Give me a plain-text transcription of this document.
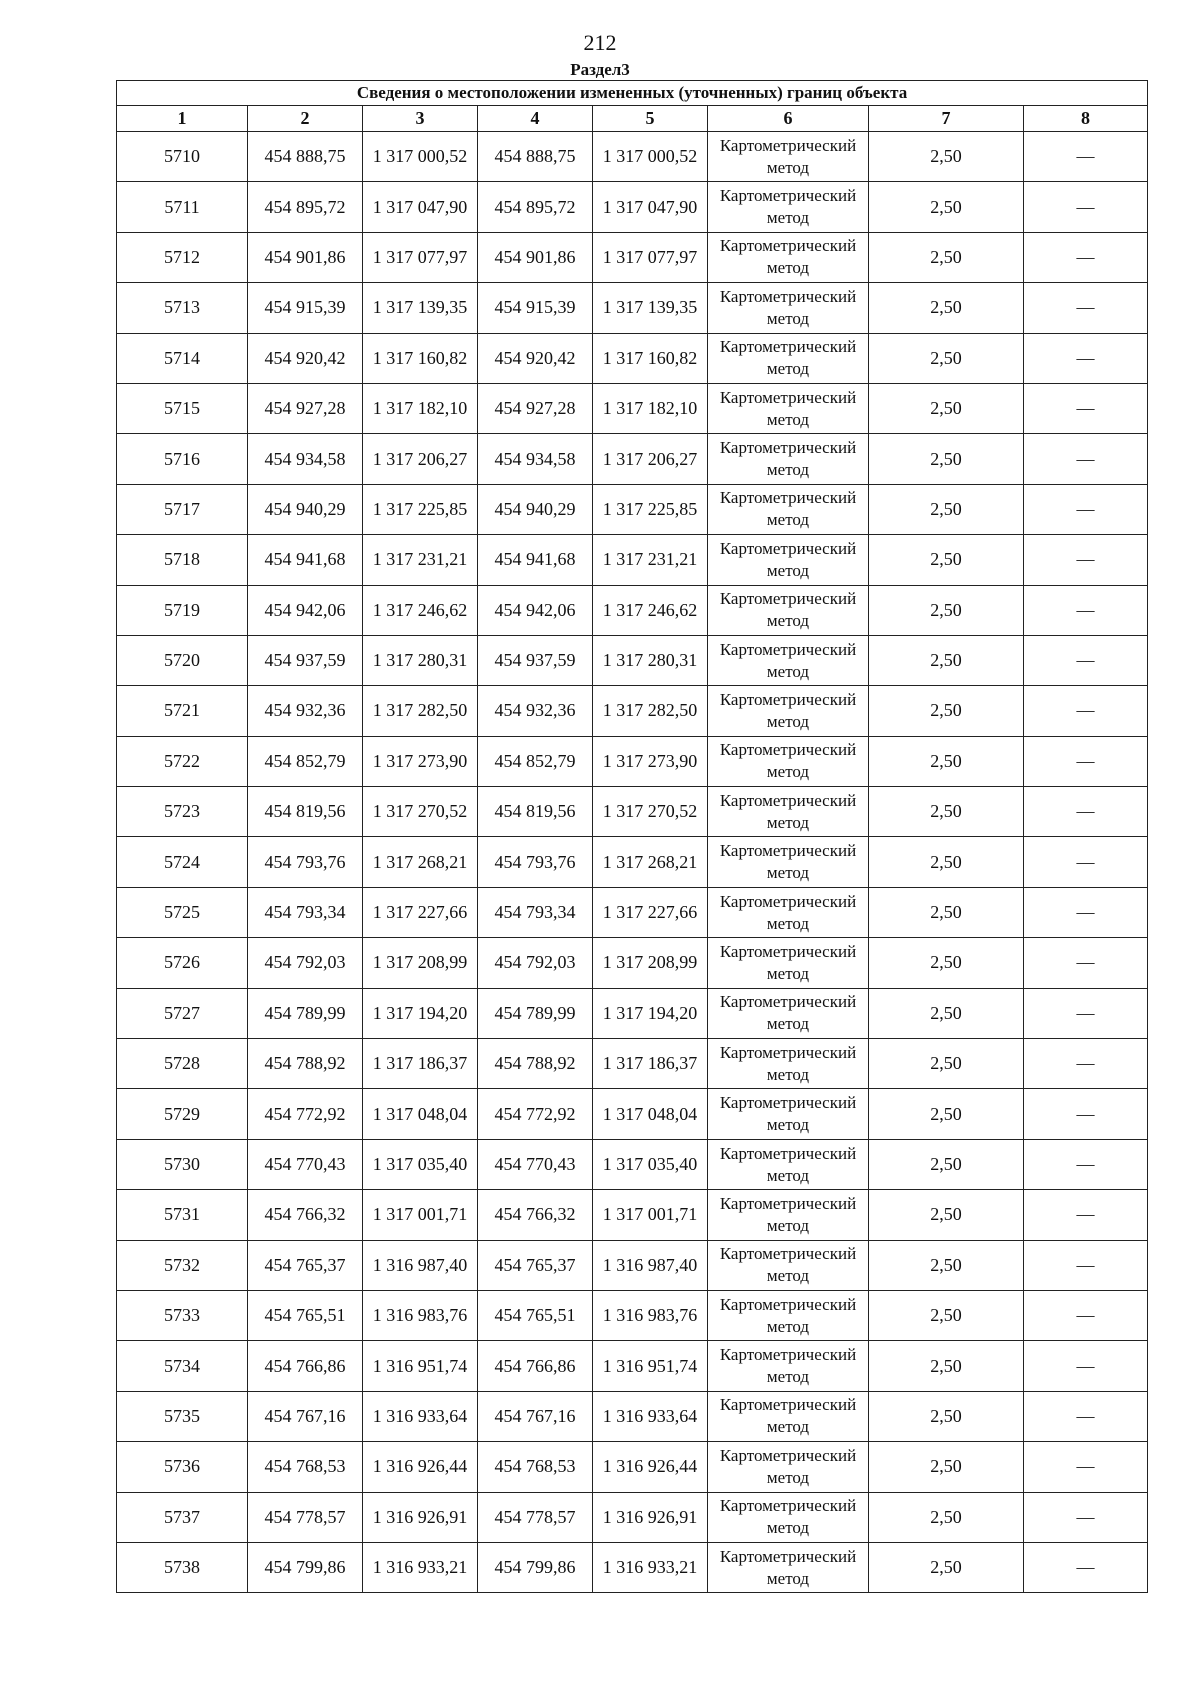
212
Раздел3
Сведения о местоположении измененных (уточненных) границ объекта							
1	2	3	4	5	6	7	8
5710	454 888,75	1 317 000,52	454 888,75	1 317 000,52	Картометрический метод	2,50	—
5711	454 895,72	1 317 047,90	454 895,72	1 317 047,90	Картометрический метод	2,50	—
5712	454 901,86	1 317 077,97	454 901,86	1 317 077,97	Картометрический метод	2,50	—
5713	454 915,39	1 317 139,35	454 915,39	1 317 139,35	Картометрический метод	2,50	—
5714	454 920,42	1 317 160,82	454 920,42	1 317 160,82	Картометрический метод	2,50	—
5715	454 927,28	1 317 182,10	454 927,28	1 317 182,10	Картометрический метод	2,50	—
5716	454 934,58	1 317 206,27	454 934,58	1 317 206,27	Картометрический метод	2,50	—
5717	454 940,29	1 317 225,85	454 940,29	1 317 225,85	Картометрический метод	2,50	—
5718	454 941,68	1 317 231,21	454 941,68	1 317 231,21	Картометрический метод	2,50	—
5719	454 942,06	1 317 246,62	454 942,06	1 317 246,62	Картометрический метод	2,50	—
5720	454 937,59	1 317 280,31	454 937,59	1 317 280,31	Картометрический метод	2,50	—
5721	454 932,36	1 317 282,50	454 932,36	1 317 282,50	Картометрический метод	2,50	—
5722	454 852,79	1 317 273,90	454 852,79	1 317 273,90	Картометрический метод	2,50	—
5723	454 819,56	1 317 270,52	454 819,56	1 317 270,52	Картометрический метод	2,50	—
5724	454 793,76	1 317 268,21	454 793,76	1 317 268,21	Картометрический метод	2,50	—
5725	454 793,34	1 317 227,66	454 793,34	1 317 227,66	Картометрический метод	2,50	—
5726	454 792,03	1 317 208,99	454 792,03	1 317 208,99	Картометрический метод	2,50	—
5727	454 789,99	1 317 194,20	454 789,99	1 317 194,20	Картометрический метод	2,50	—
5728	454 788,92	1 317 186,37	454 788,92	1 317 186,37	Картометрический метод	2,50	—
5729	454 772,92	1 317 048,04	454 772,92	1 317 048,04	Картометрический метод	2,50	—
5730	454 770,43	1 317 035,40	454 770,43	1 317 035,40	Картометрический метод	2,50	—
5731	454 766,32	1 317 001,71	454 766,32	1 317 001,71	Картометрический метод	2,50	—
5732	454 765,37	1 316 987,40	454 765,37	1 316 987,40	Картометрический метод	2,50	—
5733	454 765,51	1 316 983,76	454 765,51	1 316 983,76	Картометрический метод	2,50	—
5734	454 766,86	1 316 951,74	454 766,86	1 316 951,74	Картометрический метод	2,50	—
5735	454 767,16	1 316 933,64	454 767,16	1 316 933,64	Картометрический метод	2,50	—
5736	454 768,53	1 316 926,44	454 768,53	1 316 926,44	Картометрический метод	2,50	—
5737	454 778,57	1 316 926,91	454 778,57	1 316 926,91	Картометрический метод	2,50	—
5738	454 799,86	1 316 933,21	454 799,86	1 316 933,21	Картометрический метод	2,50	—
